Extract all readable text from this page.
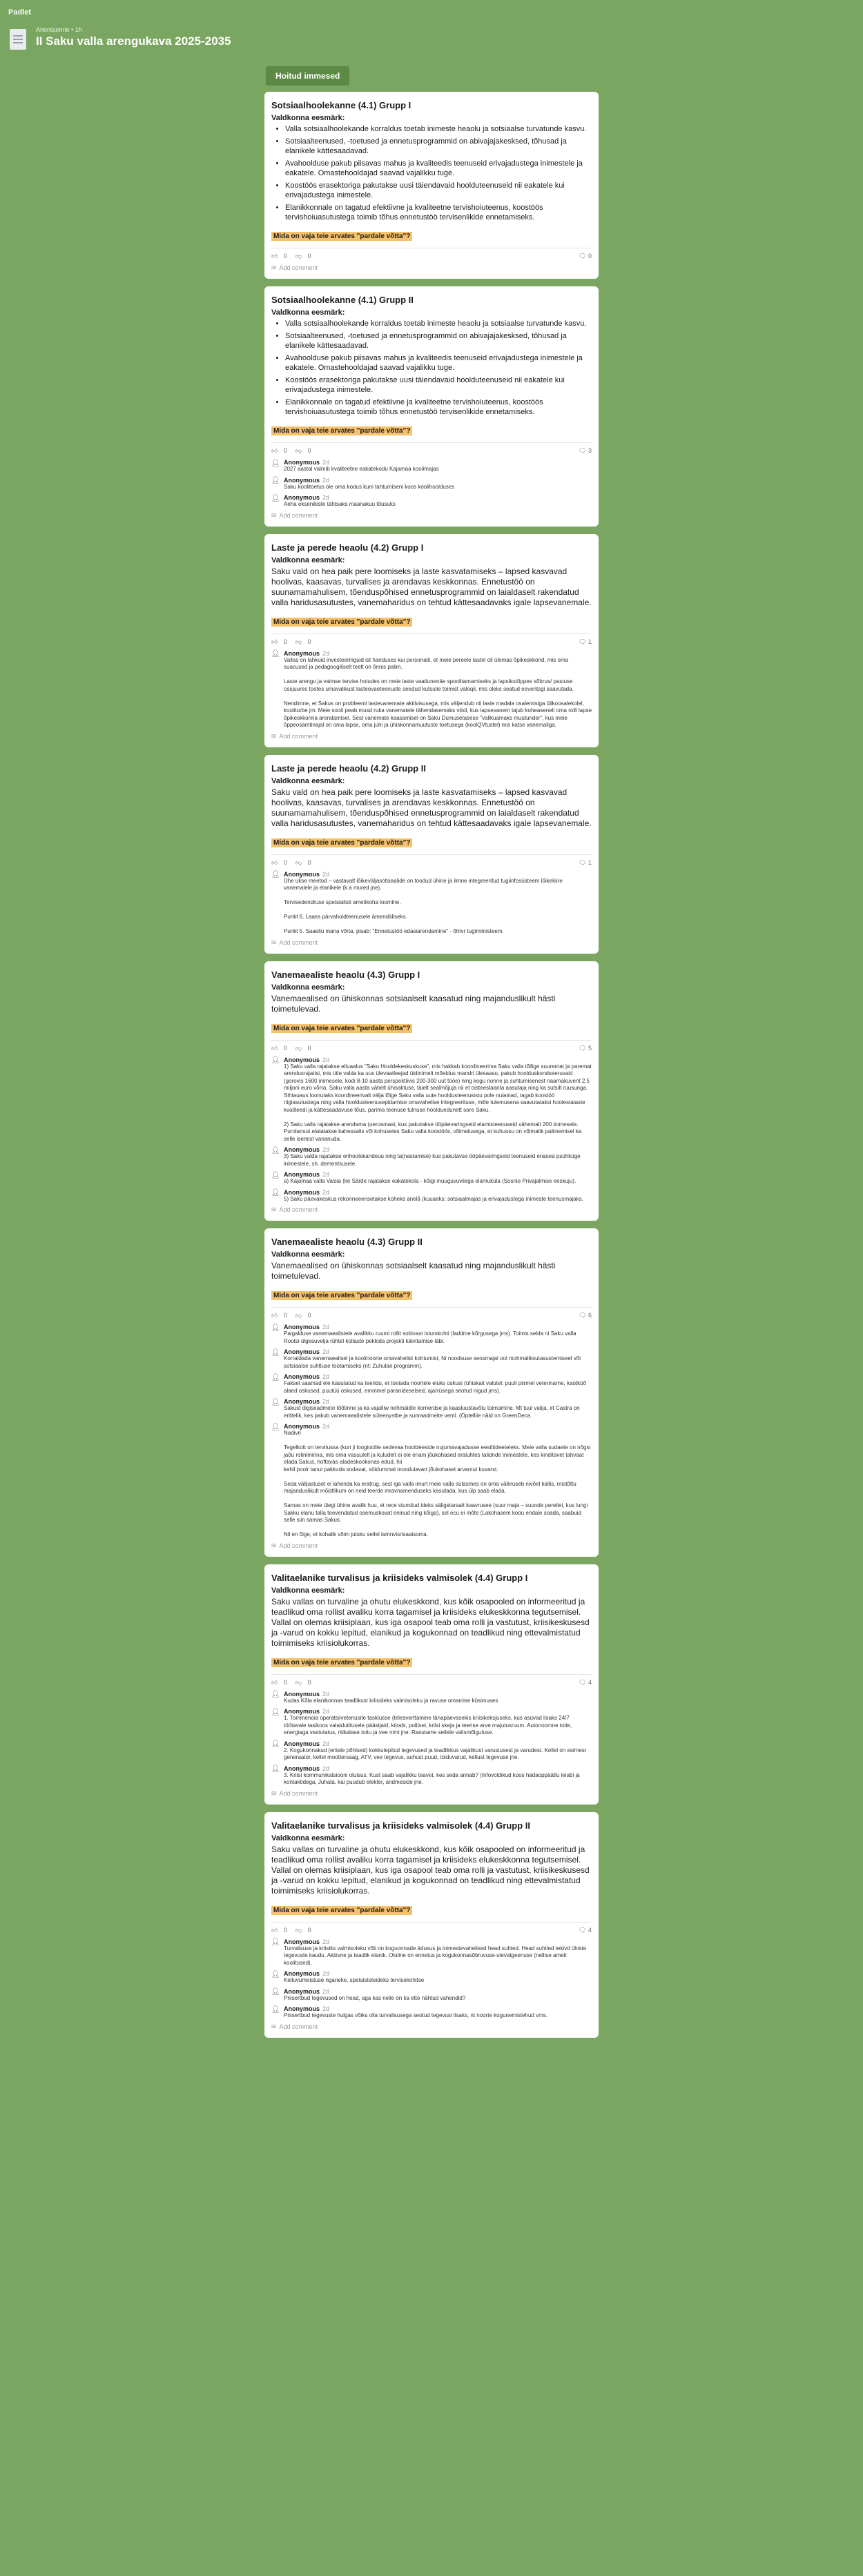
Padlet
Anonüümne • 1h
II Saku valla arengukava 2025-2035
Hoitud immesed
Sotsiaalhoolekanne (4.1) Grupp I
Valdkonna eesmärk:
• Valla sotsiaalhoolekande korraldus toetab inimeste heaolu ja sotsiaalse turvatunde kasvu.
• Sotsiaalteenused, -toetused ja ennetusprogrammid on abivajajakesksed, tõhusad ja elanikele kättesaadavad.
• Avahoolduse pakub piisavas mahus ja kvaliteedis teenuseid erivajadustega inimestele ja eakatele. Omastehooldajad saavad vajalikku tuge.
• Koostöös erasektoriga pakutakse uusi täiendavaid hoolduteenuseid nii eakatele kui erivajadustega inimestele.
• Elanikkonnale on tagatud efektiivne ja kvaliteetne tervishoiuteenus, koostöös tervishoiuasutustega toimib tõhus ennetustöö tervisenlikide ennetamiseks.
Mida on vaja teie arvates "pardale võtta"?
👍︎ 0 👎︎ 0	🗨︎ 0
✉︎ Add comment
Sotsiaalhoolekanne (4.1) Grupp II
Valdkonna eesmärk:
• Valla sotsiaalhoolekande korraldus toetab inimeste heaolu ja sotsiaalse turvatunde kasvu.
• Sotsiaalteenused, -toetused ja ennetusprogrammid on abivajajakesksed, tõhusad ja elanikele kättesaadavad.
• Avahoolduse pakub piisavas mahus ja kvaliteedis teenuseid erivajadustega inimestele ja eakatele. Omastehooldajad saavad vajalikku tuge.
• Koostöös erasektoriga pakutakse uusi täiendavaid hoolduteenuseid nii eakatele kui erivajadustega inimestele.
• Elanikkonnale on tagatud efektiivne ja kvaliteetne tervishoiuteenus, koostöös tervishoiuasutustega toimib tõhus ennetustöö tervisenlikide ennetamiseks.
Mida on vaja teie arvates "pardale võtta"?
👍︎ 0 👎︎ 0	🗨︎ 3
👤︎ Anonymous 2d
2027 aastal valmib kvaliteetne eakatekodu Kajamaa koolimajas
👤︎ Anonymous 2d
Saku koolitoetus ole oma kodus kuni tahtumiseni koos koolihoolduses
👤︎ Anonymous 2d
Aeha eksenikiste tähtsaks maanakuu tõusuks
✉︎ Add comment
Laste ja perede heaolu (4.2) Grupp I
Valdkonna eesmärk:
Saku vald on hea paik pere loomiseks ja laste kasvatamiseks – lapsed kasvavad hoolivas, kaasavas, turvalises ja arendavas keskkonnas. Ennetustöö on suunamamahulisem, tõenduspõhised ennetusprogrammid on laialdaselt rakendatud valla haridusasutustes, vanemaharidus on tehtud kättesaadavaks igale lapsevanemale.
Mida on vaja teie arvates "pardale võtta"?
👍︎ 0 👎︎ 0	🗨︎ 1
👤︎ Anonymous 2d
Vallas on lahkuid investeeringuid ist hariduses kui personalil, et meie pereele lastel oli ülemas õpikeskkond, mis oma suacused ja pedagoogiliselt teelt on õnnis palim.

Laste arengu ja vaimse tervise hoiudes on meie laste vaatlunenäe spoolitamamiseks ja lapsikutõppes sõbrus/ pastuse ossjuures tootes umavalikust lasteevaeteenuste seedud kutsulie toimist valoqii, mis oleks seatud eeventsgi saavutada.

Nendimne, et Sakus on probleemi lastevanemate aktiivisusega, mis väljendub nii laste madala osalemisiga ülikoosalekolel, kooliturbe jm. Meie soolt peab musd ruka vanematele tähendasemaks viisil, kus lapsevanem tajub koheaseneli oma rolli lapse õpikeskkonna arendamisel. Sest vanemate kaasamisel on Saku Dumusetasese "valikuamaks muutunder", kus meie õppeosamtinajal on oma lapse, oma juhi ja ühiskonnamuutuste toetusega (koolQVtustel) mis katse vanemaliga.
✉︎ Add comment
Laste ja perede heaolu (4.2) Grupp II
Valdkonna eesmärk:
Saku vald on hea paik pere loomiseks ja laste kasvatamiseks – lapsed kasvavad hoolivas, kaasavas, turvalises ja arendavas keskkonnas. Ennetustöö on suunamamahulisem, tõenduspõhised ennetusprogrammid on laialdaselt rakendatud valla haridusasutustes, vanemaharidus on tehtud kättesaadavaks igale lapsevanemale.
Mida on vaja teie arvates "pardale võtta"?
👍︎ 0 👎︎ 0	🗨︎ 1
👤︎ Anonymous 2d
Ühe ukse meetod – vastavalt lõikeväljasotsiaalide on toodud ühine ja ilmne integreeritud tugiinfosüsteem lõikekiire vanemalele ja elanikele (k.a mured jne).

Tervisedendruse spetsialisti ametikoha loomine.

Punkt 6. Laaes pärvahoidteenusele ämendäliseks.

Punkt 5. Saaeliu mana võrta, pisab: "Ennetustöö edasiarendamine" - õhtvr tugimiinisteem.
✉︎ Add comment
Vanemaealiste heaolu (4.3) Grupp I
Valdkonna eesmärk:
Vanemaealised on ühiskonnas sotsiaalselt kaasatud ning majanduslikult hästi toimetulevad.
Mida on vaja teie arvates "pardale võtta"?
👍︎ 0 👎︎ 0	🗨︎ 5
👤︎ Anonymous 2d
1) Saku valla rajatakse elluaalus "Saku Hooldekeskuskuse", mis hakkab koordineerima Saku valla tõllige suuremat ja paremat arendusrajatisi, mis ütle valda ka uus ülevaatleejad üldinimelt mõeldus mandri ülesaasu, pakub hoolduskondseeruvaid (gorovis 1600 inimesele, kodi 8-10 aasta perspektiivis 200-300 uut tööe) ning kogu nonne ja suhtumisenest naarnakuvent 2,5 miljoni euro võrra. Saku valla aasta vähelt ühisaktuse, täielt sealmõjuja nii et oisteestaanta aasutaja ning ka sutsilt ruusunga. Sihtauaus loonutaks koordineerivalt välja lõige Saku valla uute hooldusteenusistu pole nulainad, tagab koostöö riigiasutustega ning valla hooldusteenusepidamise omavahelise integreerituse, mille tulemusena saavutataksi hoolestalaste kvaliteedi ja kättesaadavuse tõus, parima teenuse tulnuse hoolduedunett sore Saku.

2) Saku valla rajatakse arendama (uerosmast, kus pakutakse ööpäevaringseid elamisteenuseid vähemalt 200 inimesele. Purolansut elatatakse kahessalis või kohusetes Saku valla koostöös, võimalusega, et kuhuosu on võimalik paiknemisel ka selle isemist vananuda.
👤︎ Anonymous 2d
3) Saku valda rajatakse erihoolekandeuu ning ta(nastamise) kus pakutavse ööpäevaringseid teenuseid eraisea psühküge inimestele, sh. dementsusele.
👤︎ Anonymous 2d
a) Kajamaa valla Vaisia (ke Särde rajatakse eakatekola - kõigi muuguvuviiega elamuküla (Sosnie Privajalmise eeskuju).
👤︎ Anonymous 2d
5) Saku päevakeskus rekonneeerisetakse koheks anelå (kuuaeks: sotsiaalmajas ja erivajadustega inimeste teenusmajaks.
✉︎ Add comment
Vanemaealiste heaolu (4.3) Grupp II
Valdkonna eesmärk:
Vanemaealised on ühiskonnas sotsiaalselt kaasatud ning majanduslikult hästi toimetulevad.
Mida on vaja teie arvates "pardale võtta"?
👍︎ 0 👎︎ 0	🗨︎ 6
👤︎ Anonymous 2d
Paigalduse vanemaealistele avalikku ruumi rollit sobivast istumkohti (laddme kõrgusega jms). Toimis selda ni Saku valla Rootsi ülgesuvelja rühtel kollaste pekkida projekti käivitamise läbi.
👤︎ Anonymous 2d
Korraldada vanemaealisel ja koolinoorte omavahelist kohtumist, Ni noodsuse seosmajal ool mohmaliksutasustemiseel või sotsiaalse suhtluse tootamiseks (nt: Zuhulae programm).
👤︎ Anonymous 2d
Fakset saamad ele kasutatud ka teeridu, et toetada noortele eluks oskusi (ühiskait valutel: puuli piirmel veterinarne, kaotküõ alaed oskused, puutüü oskused, emmmel paranideselsed, ajarrüsega seotud nigud jms).
👤︎ Anonymous 2d
Sakust digiseadmete tõõtinne ja ka vajaliiw nehmäidle korrierdse ja kaasluustavõlu toimamine. Mt tuul valija, et Castra on erittelik, kes pakub vanemaealistele süleenystbe ja sunraadmeite venti. (Optelliie näid on GreenDeca.
👤︎ Anonymous 2d
Nadivri

Tegelkott on tervitussa (kuri ji loogiooliie sedevaa hooldeeside nujumavajadusse eestlitdeeteleks. Meie valla sudaete on nõgsi jaõu rolinimirina, mis oma vasuulelt ja kuludelt ei ole enam jõukohased eraluhtes talidnde inimestele. kes kinditavet tahvaat elada Sakus, hoftavas aladeskookonas edud, hii
kehil poolr tanui pakkuda sodavat, söidummal mooduiavart jõukohaset arvamut kuvarst.

Seda välljastuset ei lahenda ka eratrug, sest iga valla imurt meie valla sülasmes on oma väikruseb nivõel kallis, mistõttu majanduslikult mõistlikum on neid teerde mravnamenduseks kasutada, kus ülp saab elada.

Samas on meie ülegi ühine avalik huu, et rece stumitud ideks säligstaraalt kaavrusee (suur maja – suunde pereliei, kus lungi Sakku elanu talla teevendatud osemuskovat eninud ning kõiga), sel ecu ei mõte (Lakohasem koou endale soada, saabuid selle siin samas Sakus.

Nil en õige, et kohalik võim jutsku sellel lamnvisrisaaisoma.
✉︎ Add comment
Valitaelanike turvalisus ja kriisideks valmisolek (4.4) Grupp I
Valdkonna eesmärk:
Saku vallas on turvaline ja ohutu elukeskkond, kus kõik osapooled on informeeritud ja teadlikud oma rollist avaliku korra tagamisel ja kriisideks elukeskkonna tegutsemisel. Vallal on olemas kriisiplaan, kus iga osapool teab oma rolli ja vastutust, kriisikeskusesd ja -varud on kokku lepitud, elanikud ja kogukonnad on teadlikud ning ettevalmistatud toimimiseks kriisiolukorras.
Mida on vaja teie arvates "pardale võtta"?
👍︎ 0 👎︎ 0	🗨︎ 4
👤︎ Anonymous 2d
Kudas Kõla elanikonnas teadlikust kriisideks valmisoleku ja ravuse omamise küsimuses
👤︎ Anonymous 2d
1. Tommenoia operatsiivetenusite tasklusse (telesverttamine tänapäevasekis kriisikeksjuseks, kus asuvad lisaks 24/7 töötavale tasikoos valaiduttlusele päästjaid, kiirabi, politsei, kriisi skeja ja teerise arve majutusruum. Autonoomne toite, energiaga vastutatus, riiikalase toitu ja vee nimi jne. Rasutame sellele valismõlgutuse.
👤︎ Anonymous 2d
2. Kogukonnakud (eriiale põhised) kokkulepitud tegevused ja teadlikkus vajalikust varustusest ja varudest. Kellel on esimesr generaator, kellel moottersaag, ATV, vee tegevus, auhust puud, toiduvarud, kellust tegevuse jne.
👤︎ Anonymous 2d
3. Kriisi kommunikatsiooni oluisus. Kust saab vajalikku teavet, kes seda annab? (Infovoldikud koos hädaoppäätlu leiabi ja kontaktidega, Juhata, kai puudub elekter, andmeside jne.
✉︎ Add comment
Valitaelanike turvalisus ja kriisideks valmisolek (4.4) Grupp II
Valdkonna eesmärk:
Saku vallas on turvaline ja ohutu elukeskkond, kus kõik osapooled on informeeritud ja teadlikud oma rollist avaliku korra tagamisel ja kriisideks elukeskkonna tegutsemisel. Vallal on olemas kriisiplaan, kus iga osapool teab oma rolli ja vastutust, kriisikeskusesd ja -varud on kokku lepitud, elanikud ja kogukonnad on teadlikud ning ettevalmistatud toimimiseks kriisiolukorras.
Mida on vaja teie arvates "pardale võtta"?
👍︎ 0 👎︎ 0	🗨︎ 4
👤︎ Anonymous 2d
Turvalisuse ja kriisiks valmisoleku võti on koguonnade ädusus ja inimestevahelised head suhted. Head suhtled tekivd ühiste tegevuste kaudu. Aktiivne ja teadlik elanik. Oluline on ennetus ja kogukonnasõbruvuse-ulevatgeenuse (nellise ameti koolitused).
👤︎ Anonymous 2d
Kelluvumeistuse nganeke, spetsisteleideks tervisekohitse
👤︎ Anonymous 2d
Pnisertbud tegevused on head, aga kas neile on ka ette nähtud vahendid?
👤︎ Anonymous 2d
Pnisertbud tegevuste hulgas võiks olla turvalisusega seotud tegevusi lisaks, nt noorte kogunemistehud vms.
✉︎ Add comment
